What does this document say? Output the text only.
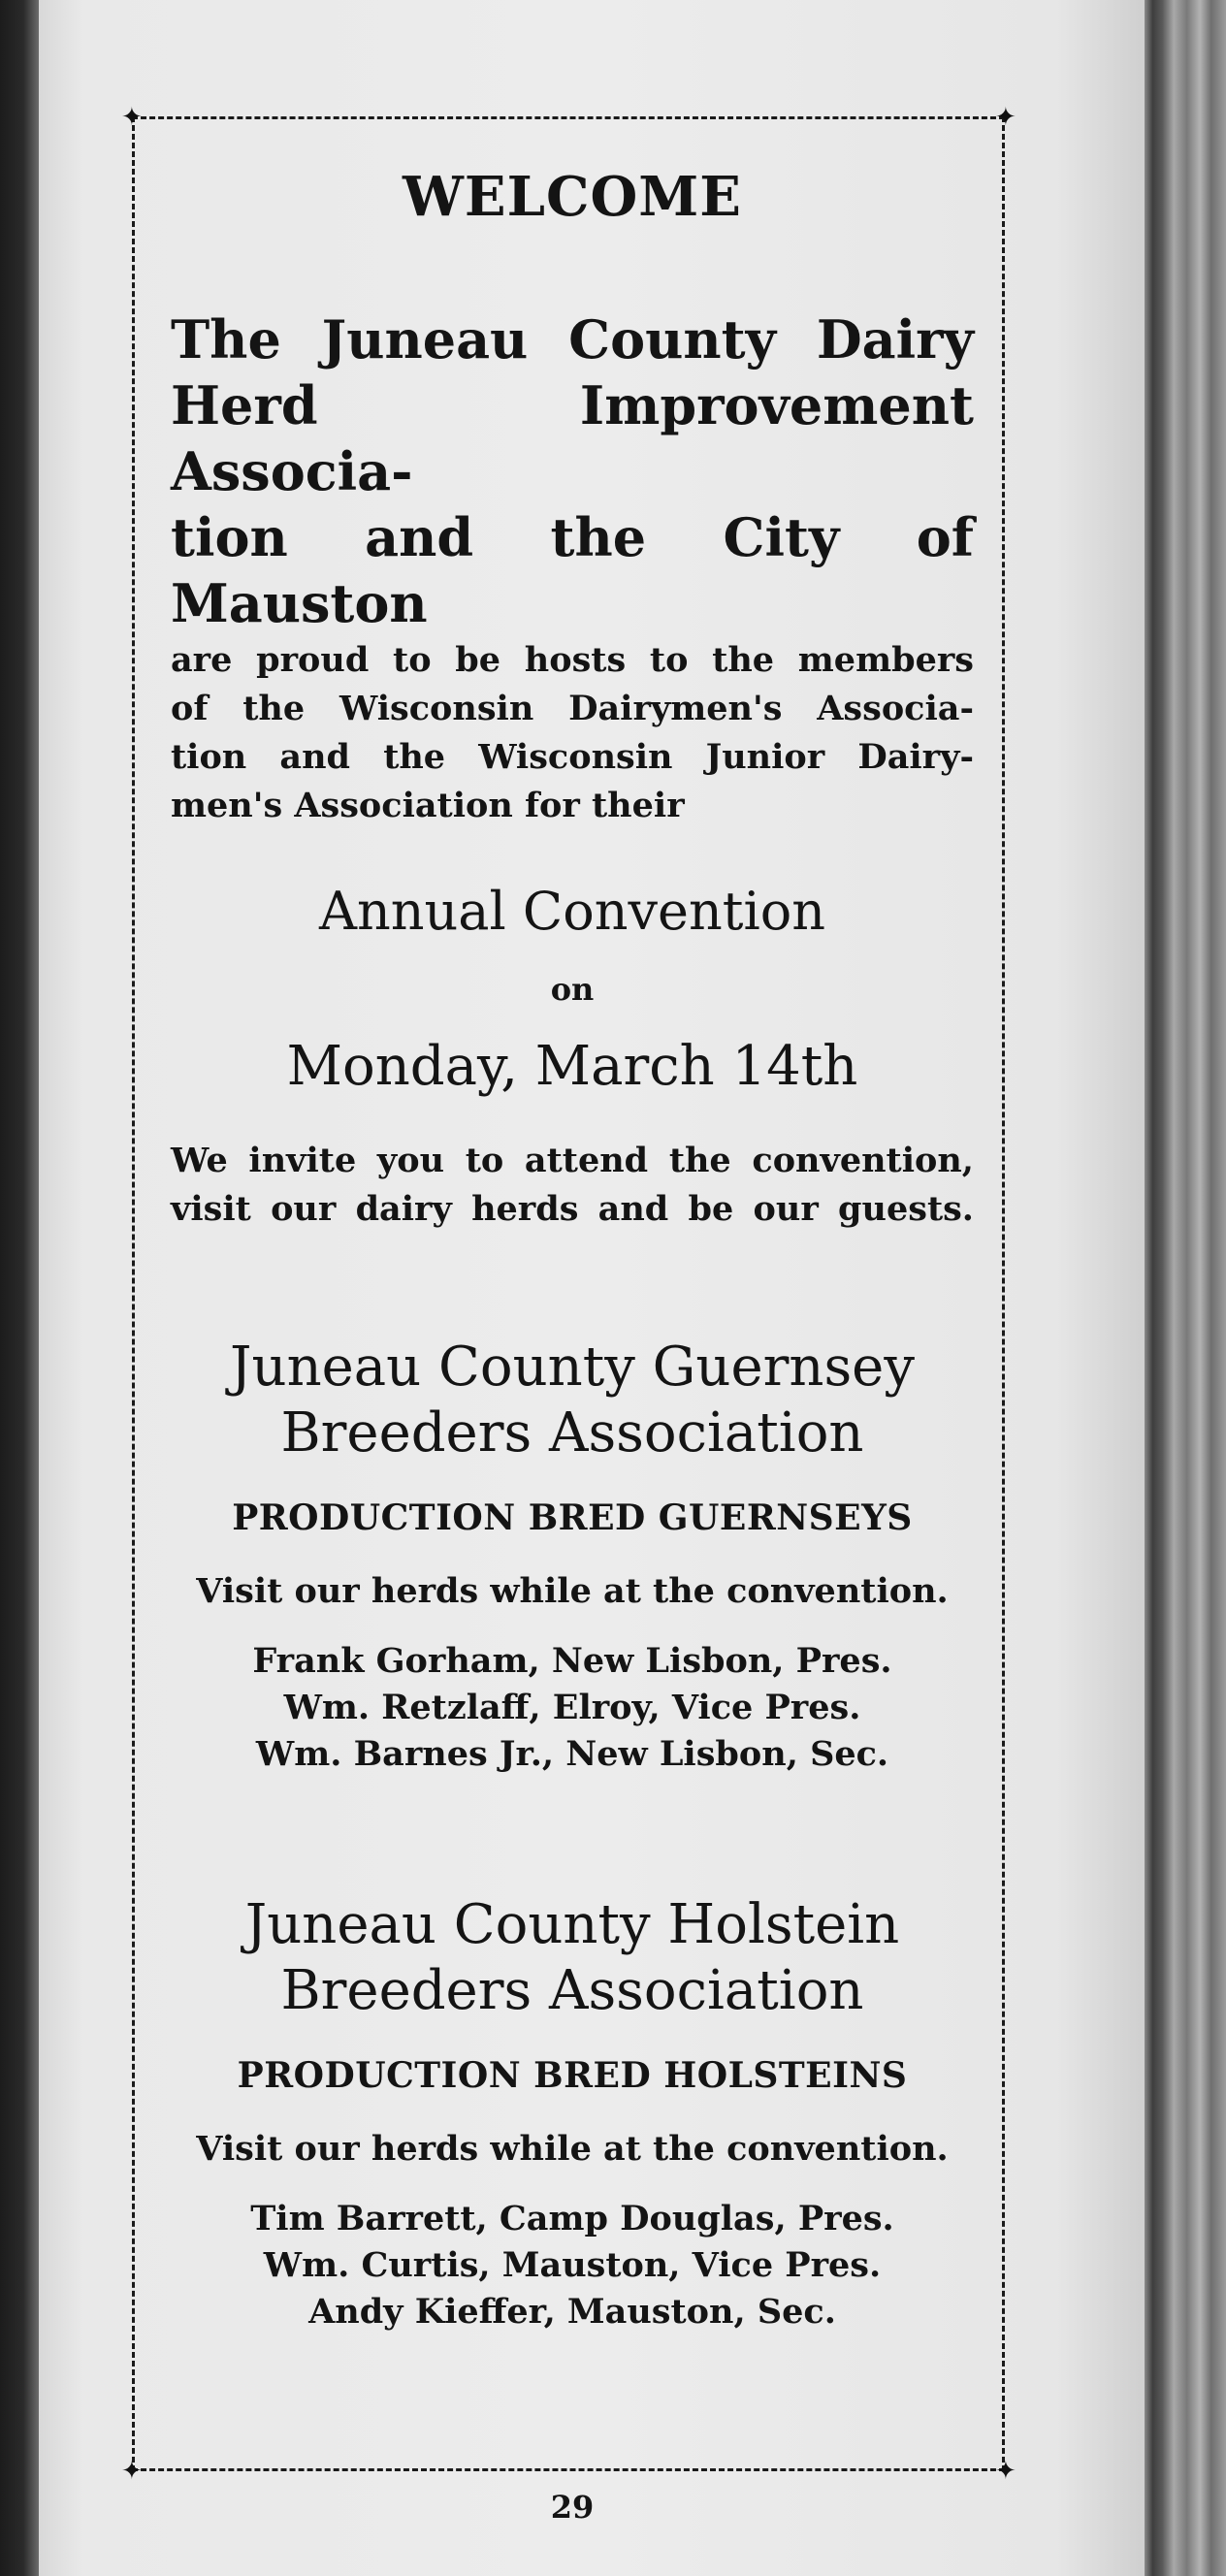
✦	✦
✦	✦
WELCOME
The Juneau County Dairy
Herd Improvement Associa-
tion and the City of Mauston
are proud to be hosts to the members
of the Wisconsin Dairymen's Associa-
tion and the Wisconsin Junior Dairy-
men's Association for their
Annual Convention
on
Monday, March 14th
We invite you to attend the convention,
visit our dairy herds and be our guests.
Juneau County Guernsey
Breeders Association
PRODUCTION BRED GUERNSEYS
Visit our herds while at the convention.
Frank Gorham, New Lisbon, Pres.
Wm. Retzlaff, Elroy, Vice Pres.
Wm. Barnes Jr., New Lisbon, Sec.
Juneau County Holstein
Breeders Association
PRODUCTION BRED HOLSTEINS
Visit our herds while at the convention.
Tim Barrett, Camp Douglas, Pres.
Wm. Curtis, Mauston, Vice Pres.
Andy Kieffer, Mauston, Sec.
29
